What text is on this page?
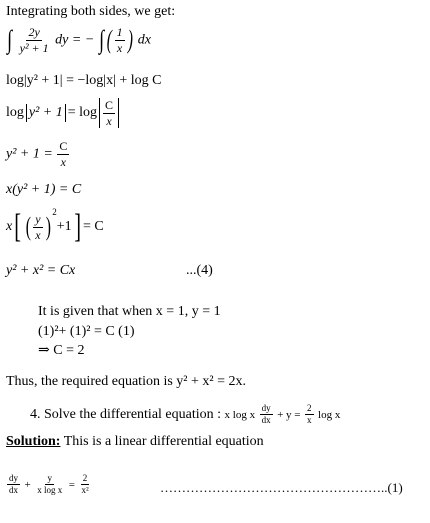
Integrating both sides, we get:
∫ $\frac{2y}{\text{y² + 1}}$ dy = − ∫ ( $\frac{1}{x}$ ) dx
log|y² + 1| = −log|x| + log C
$\log y^2 + 1 = \log \frac{C}{x}$
$y^2 + 1 = \frac{C}{x}$
x(y² + 1) = C
x[ ( $\frac{y}{x} )^2+1] = C$
y² + x² = Cx	...(4)
It is given that when x = 1, y = 1
(1)²+ (1)² = C (1)
⇒ C = 2
Thus, the required equation is y² + x² = 2x.
4. Solve the differential equation : x log x $\frac{dy}{dx} + y = \frac{2}{x}$ log x
Solution: This is a linear differential equation
$\frac{dy}{dx} + \frac{y}{\text{x log x}} = \frac{2}{\text{x²}}$	……………………………………………..(1)
